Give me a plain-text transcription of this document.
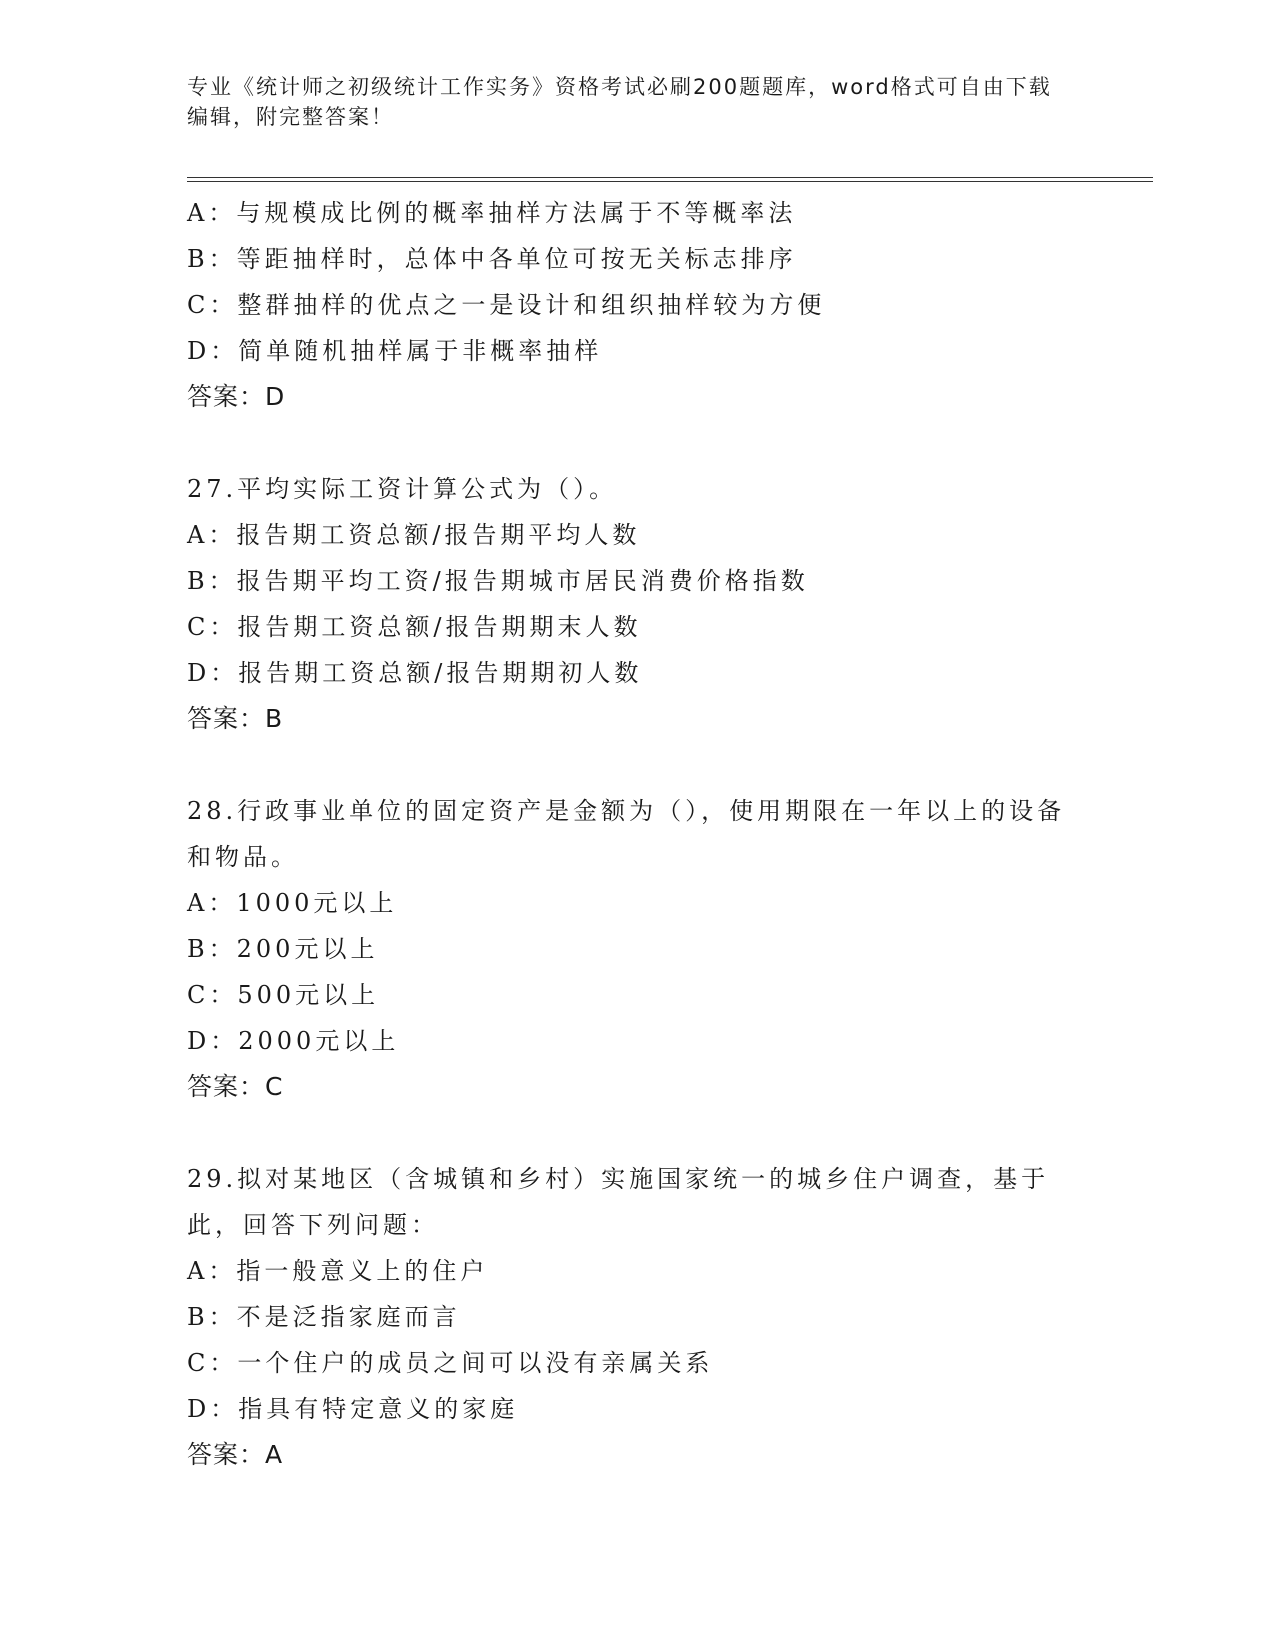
专业《统计师之初级统计工作实务》资格考试必刷200题题库，word格式可自由下载编辑，附完整答案！
A：与规模成比例的概率抽样方法属于不等概率法
B：等距抽样时，总体中各单位可按无关标志排序
C：整群抽样的优点之一是设计和组织抽样较为方便
D：简单随机抽样属于非概率抽样
答案：D
27.平均实际工资计算公式为（）。
A：报告期工资总额/报告期平均人数
B：报告期平均工资/报告期城市居民消费价格指数
C：报告期工资总额/报告期期末人数
D：报告期工资总额/报告期期初人数
答案：B
28.行政事业单位的固定资产是金额为（），使用期限在一年以上的设备和物品。
A：1000元以上
B：200元以上
C：500元以上
D：2000元以上
答案：C
29.拟对某地区（含城镇和乡村）实施国家统一的城乡住户调查，基于此，回答下列问题：
A：指一般意义上的住户
B：不是泛指家庭而言
C：一个住户的成员之间可以没有亲属关系
D：指具有特定意义的家庭
答案：A
